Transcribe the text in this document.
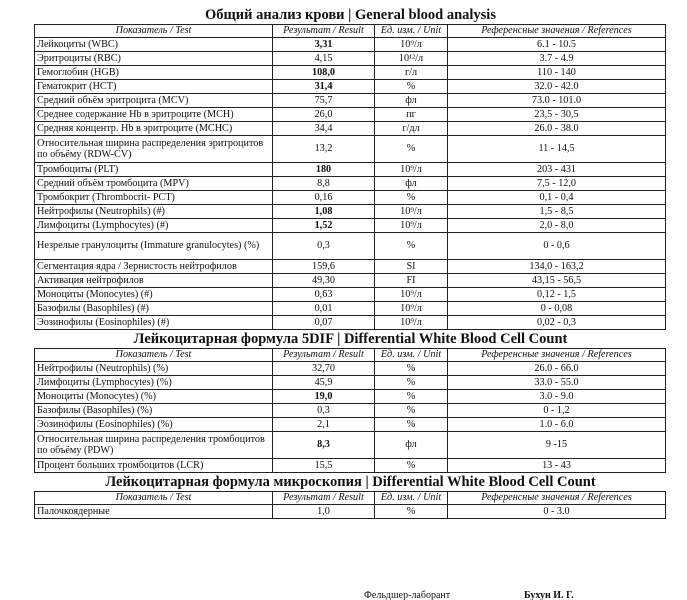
Общий анализ крови | General blood analysis
Показатель / Test	Результат / Result	Ед. изм. / Unit	Референсные значения / References
Лейкоциты (WBC)	3,31	10⁹/л	6.1 - 10.5
Эритроциты (RBC)	4,15	10¹²/л	3.7 - 4.9
Гемоглобин (HGB)	108,0	г/л	110 - 140
Гематокрит (HCT)	31,4	%	32.0 - 42.0
Средний объём эритроцита (MCV)	75,7	фл	73.0 - 101.0
Среднее содержание Hb в эритроците (MCH)	26,0	пг	23,5 - 30,5
Средняя концентр. Hb в эритроците (MCHC)	34,4	г/дл	26.0 - 38.0
Относительная ширина распределения эритроцитов по объёму (RDW-CV)	13,2	%	11 - 14,5
Тромбоциты (PLT)	180	10⁹/л	203 - 431
Средний объём тромбоцита (MPV)	8,8	фл	7,5 - 12,0
Тромбокрит (Thrombocrit- PCT)	0,16	%	0,1 - 0,4
Нейтрофилы (Neutrophils) (#)	1,08	10⁹/л	1,5 - 8,5
Лимфоциты (Lymphocytes) (#)	1,52	10⁹/л	2,0 - 8,0
Незрелые гранулоциты (Immature granulocytes) (%)	0,3	%	0 - 0,6
Сегментация ядра / Зернистость нейтрофилов	159,6	SI	134,0 - 163,2
Активация нейтрофилов	49,30	FI	43,15 - 56,5
Моноциты (Monocytes) (#)	0,63	10⁹/л	0,12 - 1,5
Базофилы (Basophiles) (#)	0,01	10⁹/л	0 - 0,08
Эозинофилы (Eosinophiles) (#)	0,07	10⁹/л	0,02 - 0,3
Лейкоцитарная формула 5DIF | Differential White Blood Cell Count
Показатель / Test	Результат / Result	Ед. изм. / Unit	Референсные значения / References
Нейтрофилы (Neutrophils) (%)	32,70	%	26.0 - 66.0
Лимфоциты (Lymphocytes) (%)	45,9	%	33.0 - 55.0
Моноциты (Monocytes) (%)	19,0	%	3.0 - 9.0
Базофилы (Basophiles) (%)	0,3	%	0 - 1,2
Эозинофилы (Eosinophiles) (%)	2,1	%	1.0 - 6.0
Относительная ширина распределения тромбоцитов по объёму (PDW)	8,3	фл	9 -15
Процент больших тромбоцитов (LCR)	15,5	%	13 - 43
Лейкоцитарная формула микроскопия | Differential White Blood Cell Count
Показатель / Test	Результат / Result	Ед. изм. / Unit	Референсные значения / References
Палочкоядерные	1,0	%	0 - 3.0
Фельдшер-лаборант	Бухун И. Г.
